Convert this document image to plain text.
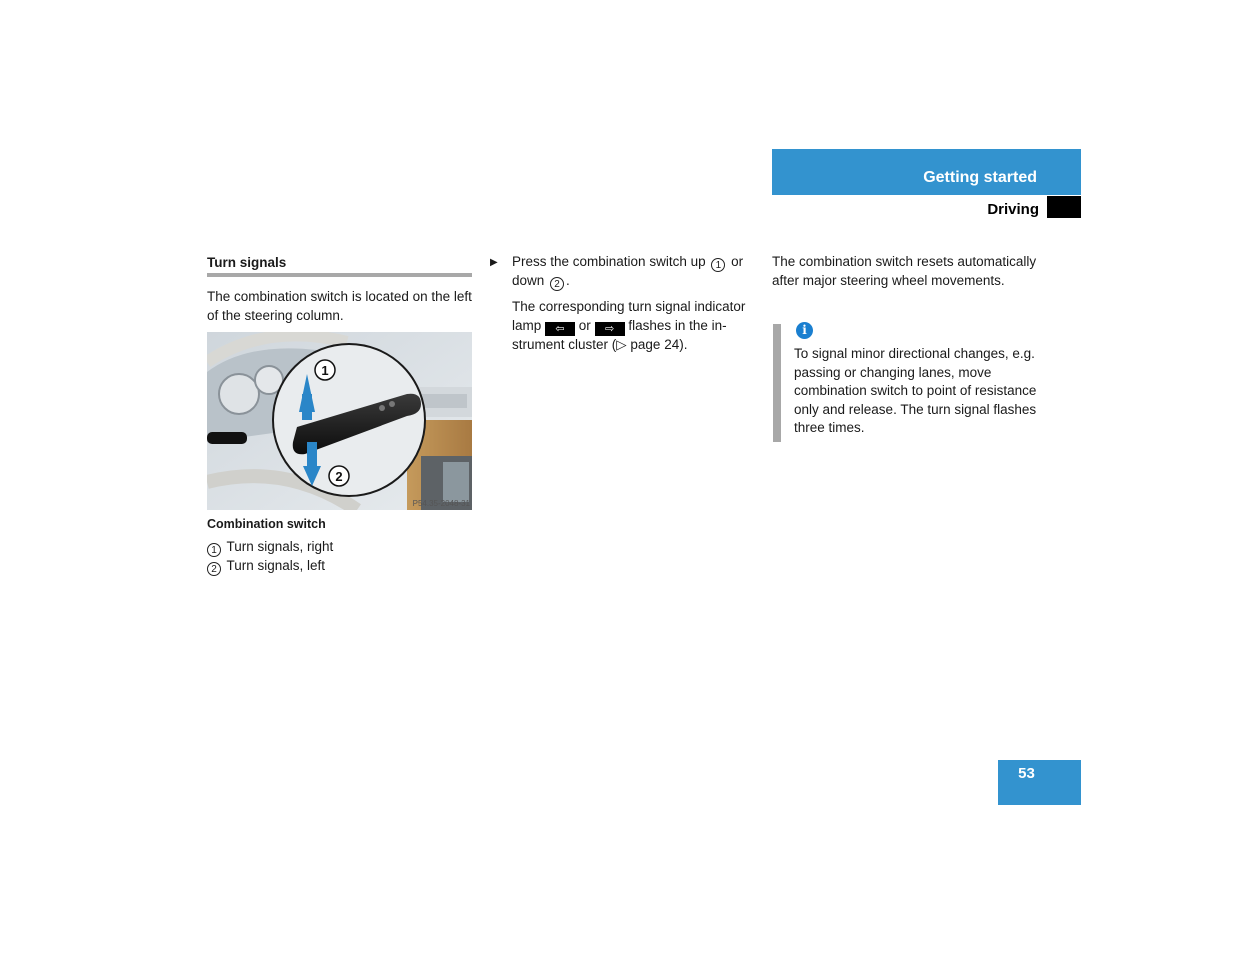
Getting started
Driving
Turn signals
The combination switch is located on the left of the steering column.
1
2
P54.35-2048-31
Combination switch
1 Turn signals, right
2 Turn signals, left
▶ Press the combination switch up 1 or
down 2 .
The corresponding turn signal indicator
lamp ⇦ or ⇨ flashes in the in-
strument cluster (▷ page 24).
The combination switch resets automatically after major steering wheel movements.
i
To signal minor directional changes, e.g. passing or changing lanes, move combination switch to point of resistance only and release. The turn signal flashes three times.
53
